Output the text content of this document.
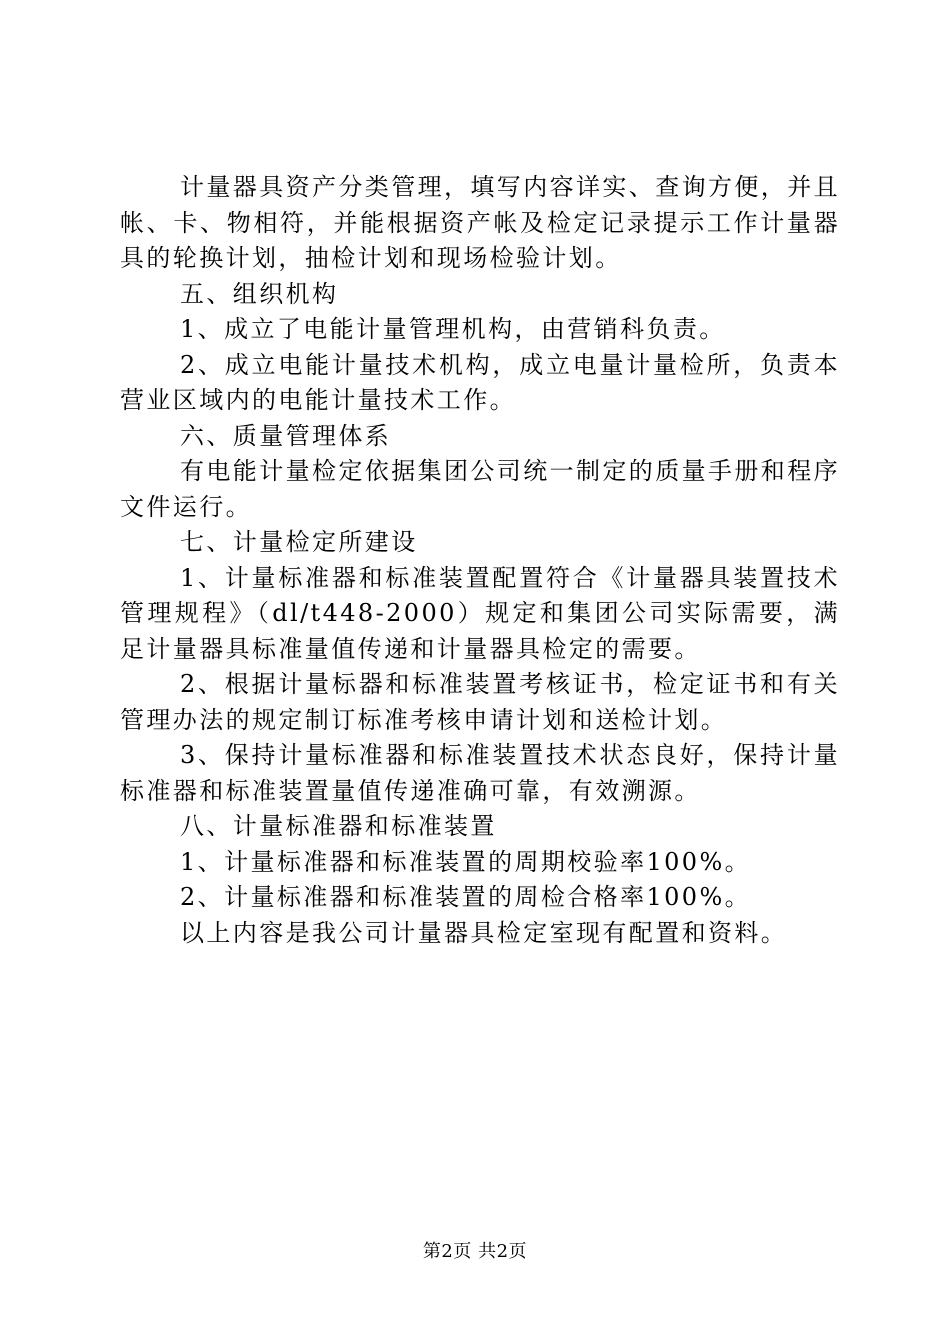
计量器具资产分类管理，填写内容详实、查询方便，并且帐、卡、物相符，并能根据资产帐及检定记录提示工作计量器具的轮换计划，抽检计划和现场检验计划。

五、组织机构

1、成立了电能计量管理机构，由营销科负责。

2、成立电能计量技术机构，成立电量计量检所，负责本营业区域内的电能计量技术工作。

六、质量管理体系

有电能计量检定依据集团公司统一制定的质量手册和程序文件运行。

七、计量检定所建设

1、计量标准器和标准装置配置符合《计量器具装置技术管理规程》（dl/t448-2000）规定和集团公司实际需要，满足计量器具标准量值传递和计量器具检定的需要。

2、根据计量标器和标准装置考核证书，检定证书和有关管理办法的规定制订标准考核申请计划和送检计划。

3、保持计量标准器和标准装置技术状态良好，保持计量标准器和标准装置量值传递准确可靠，有效溯源。

八、计量标准器和标准装置

1、计量标准器和标准装置的周期校验率100%。

2、计量标准器和标准装置的周检合格率100%。

以上内容是我公司计量器具检定室现有配置和资料。

第2页 共2页
